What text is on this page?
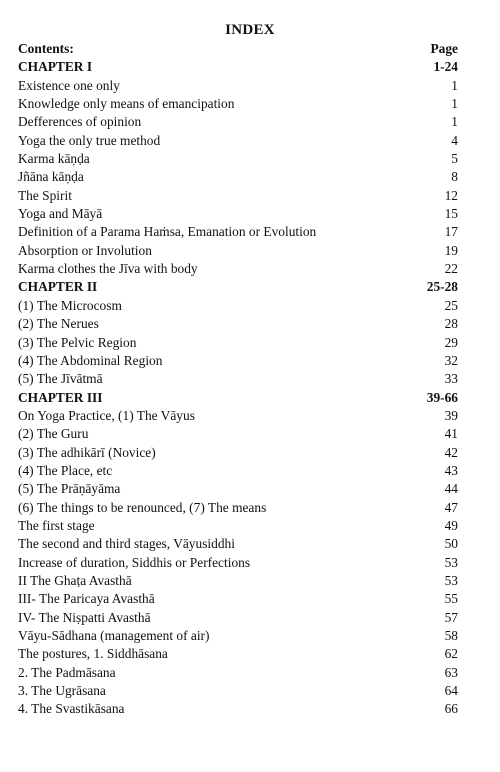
INDEX
Contents:	Page
CHAPTER I	1-24
Existence one only	1
Knowledge only means of emancipation	1
Defferences of opinion	1
Yoga the only true method	4
Karma kāṇḍa	5
Jñāna kāṇḍa	8
The Spirit	12
Yoga and Māyā	15
Definition of a Parama Haṁsa, Emanation or Evolution	17
Absorption or Involution	19
Karma clothes the Jīva with body	22
CHAPTER II	25-28
(1) The Microcosm	25
(2) The Nerues	28
(3) The Pelvic Region	29
(4) The Abdominal Region	32
(5) The Jīvātmā	33
CHAPTER III	39-66
On Yoga Practice, (1) The Vāyus	39
(2) The Guru	41
(3) The adhikārī (Novice)	42
(4) The Place, etc	43
(5) The Prāṇāyāma	44
(6) The things to be renounced, (7) The means	47
The first stage	49
The second and third stages, Vāyusiddhi	50
Increase of duration, Siddhis or Perfections	53
II The Ghaṭa Avasthā	53
III- The Paricaya Avasthā	55
IV- The Niṣpatti Avasthā	57
Vāyu-Sādhana (management of air)	58
The postures, 1. Siddhāsana	62
2. The Padmāsana	63
3. The Ugrāsana	64
4. The Svastikāsana	66
